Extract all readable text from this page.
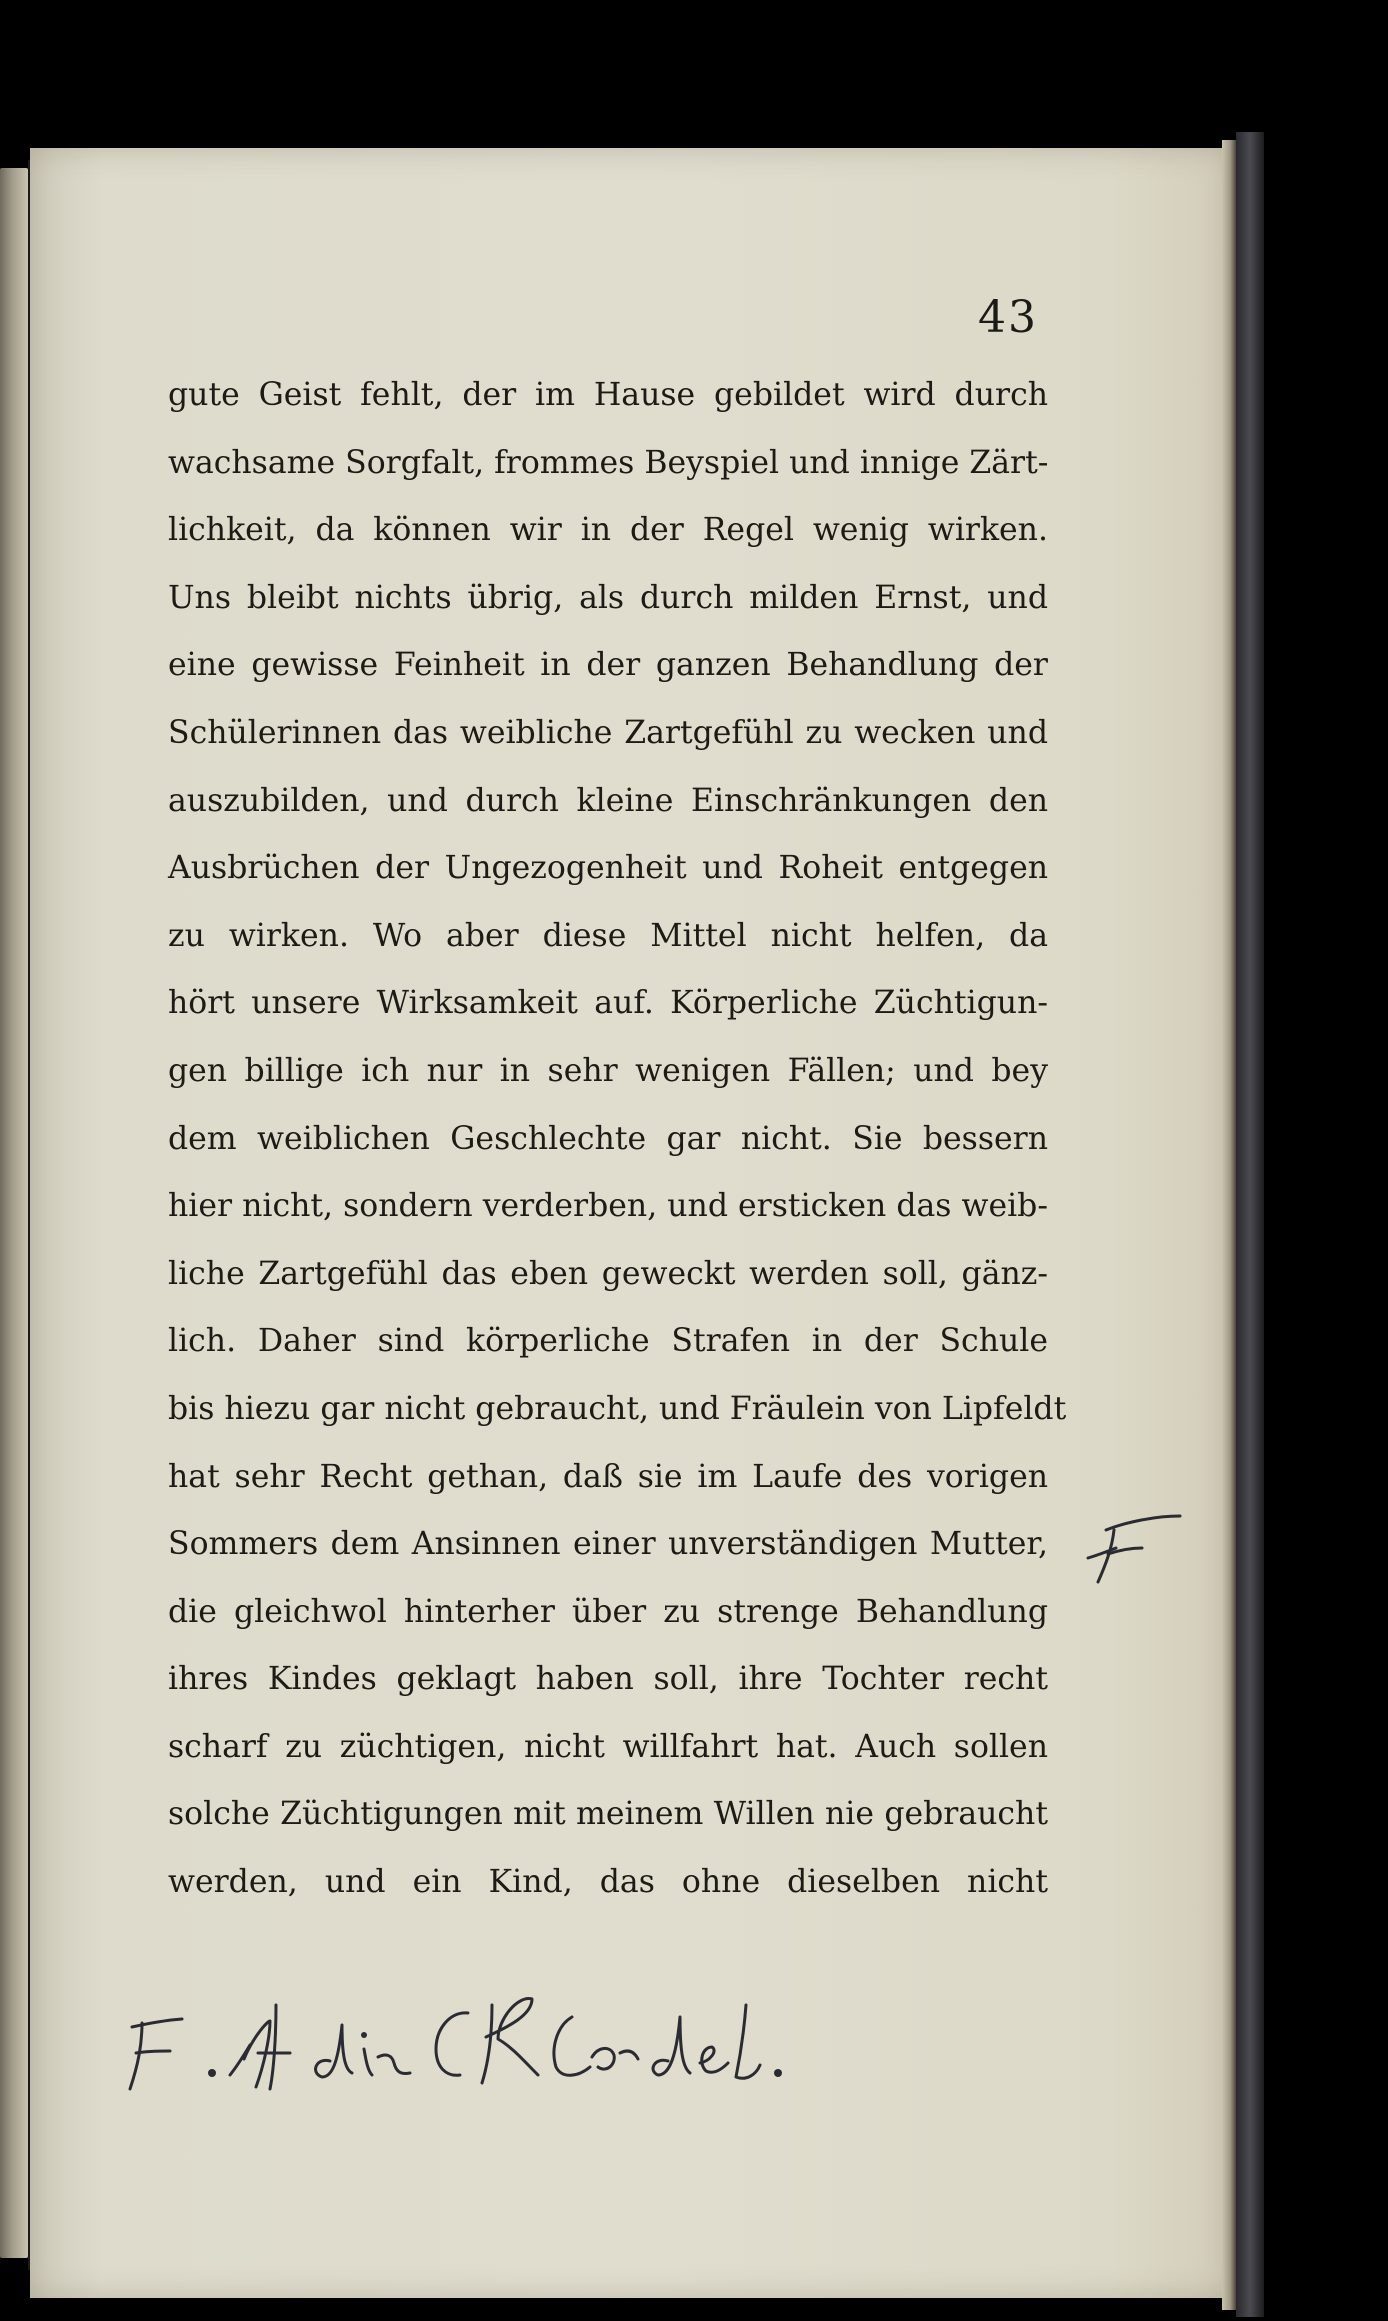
43
gute Geist fehlt, der im Hause gebildet wird durch
wachsame Sorgfalt, frommes Beyspiel und innige Zärt-
lichkeit, da können wir in der Regel wenig wirken.
Uns bleibt nichts übrig, als durch milden Ernst, und
eine gewisse Feinheit in der ganzen Behandlung der
Schülerinnen das weibliche Zartgefühl zu wecken und
auszubilden, und durch kleine Einschränkungen den
Ausbrüchen der Ungezogenheit und Roheit entgegen
zu wirken. Wo aber diese Mittel nicht helfen, da
hört unsere Wirksamkeit auf. Körperliche Züchtigun-
gen billige ich nur in sehr wenigen Fällen; und bey
dem weiblichen Geschlechte gar nicht. Sie bessern
hier nicht, sondern verderben, und ersticken das weib-
liche Zartgefühl das eben geweckt werden soll, gänz-
lich. Daher sind körperliche Strafen in der Schule
bis hiezu gar nicht gebraucht, und Fräulein von Lipfeldt
hat sehr Recht gethan, daß sie im Laufe des vorigen
Sommers dem Ansinnen einer unverständigen Mutter,
die gleichwol hinterher über zu strenge Behandlung
ihres Kindes geklagt haben soll, ihre Tochter recht
scharf zu züchtigen, nicht willfahrt hat. Auch sollen
solche Züchtigungen mit meinem Willen nie gebraucht
werden, und ein Kind, das ohne dieselben nicht
